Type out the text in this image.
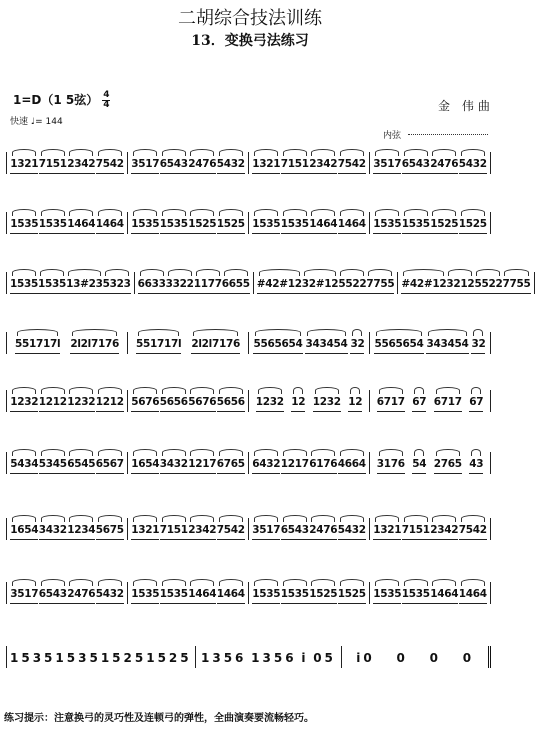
二胡综合技法训练
13．变换弓法练习
1=D（1 5弦） $\frac{4}{4}$
快速 ♩= 144
金 伟曲
内弦
1321 7151 2342 7542 3517 6543 2476 5432 1321 7151 2342 7542 3517 6543 2476 5432
1535 1535 1464 1464 1535 1535 1525 1525 1535 1535 1464 1464 1535 1535 1525 1525
1535 1535 13#23 5323 6633 3322 1177 6655 #42#12 32#12 5522 7755 #42#12 3212 5522 7755
551717l 2l2l7176 551717l 2l2l7176 5565654 343454 32 5565654 343454 32
1232 1212 1232 1212 5676 5656 5676 5656 1232 12 1232 12 6717 67 6717 67
5434 5345 6545 6567 1654 3432 1217 6765 6432 1217 6176 4664 3176 54 2765 43
1654 3432 1234 5675 1321 7151 2342 7542 3517 6543 2476 5432 1321 7151 2342 7542
3517 6543 2476 5432 1535 1535 1464 1464 1535 1535 1525 1525 1535 1535 1464 1464
1535 1535 1525 1525 1356 1356 i 05 i0 0 0 0
练习提示：注意换弓的灵巧性及连顿弓的弹性，全曲演奏要流畅轻巧。
